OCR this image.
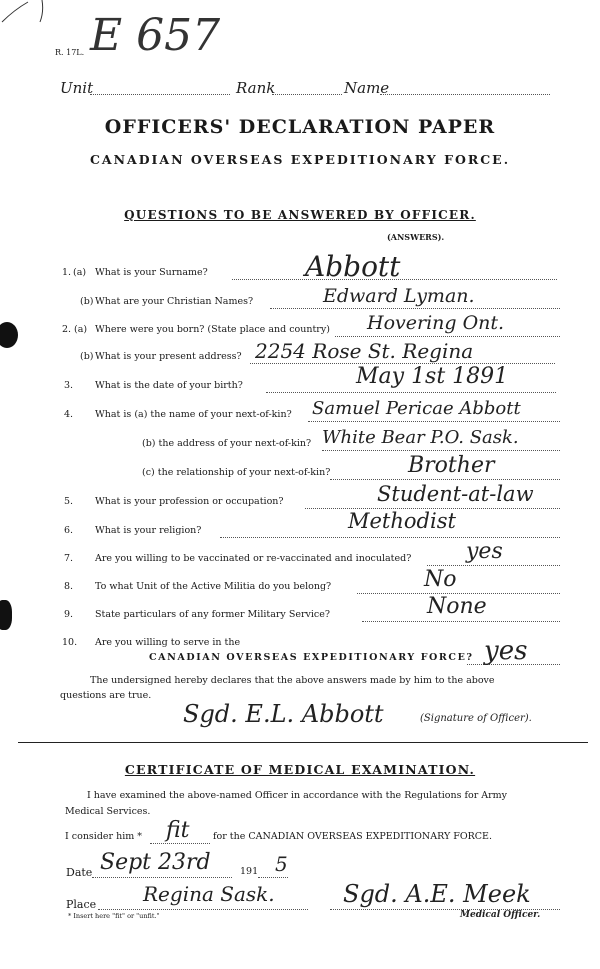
R. 17L. E 657
Unit	Rank	Name
OFFICERS' DECLARATION PAPER
CANADIAN OVERSEAS EXPEDITIONARY FORCE.
QUESTIONS TO BE ANSWERED BY OFFICER.
(ANSWERS).
1. (a) What is your Surname?	Abbott
(b) What are your Christian Names?	Edward Lyman.
2. (a) Where were you born? (State place and country) Hovering Ont.
(b) What is your present address? 2254 Rose St. Regina
3. What is the date of your birth?	May 1st 1891
4. What is (a) the name of your next-of-kin? Samuel Pericae Abbott
(b) the address of your next-of-kin? White Bear P.O. Sask.
(c) the relationship of your next-of-kin?	Brother
5. What is your profession or occupation?	Student-at-law
6. What is your religion?	Methodist
7. Are you willing to be vaccinated or re-vaccinated and inoculated? yes
8. To what Unit of the Active Militia do you belong?	No
9. State particulars of any former Military Service?	None
10. Are you willing to serve in the
CANADIAN OVERSEAS EXPEDITIONARY FORCE? yes
The undersigned hereby declares that the above answers made by him to the above
questions are true.
Sgd. E.L. Abbott	(Signature of Officer).
CERTIFICATE OF MEDICAL EXAMINATION.
I have examined the above-named Officer in accordance with the Regulations for Army
Medical Services.
I consider him * fit for the CANADIAN OVERSEAS EXPEDITIONARY FORCE.
Date Sept 23rd	191 5
Place Regina Sask.	Sgd. A.E. Meek
Medical Officer.
* Insert here "fit" or "unfit."
